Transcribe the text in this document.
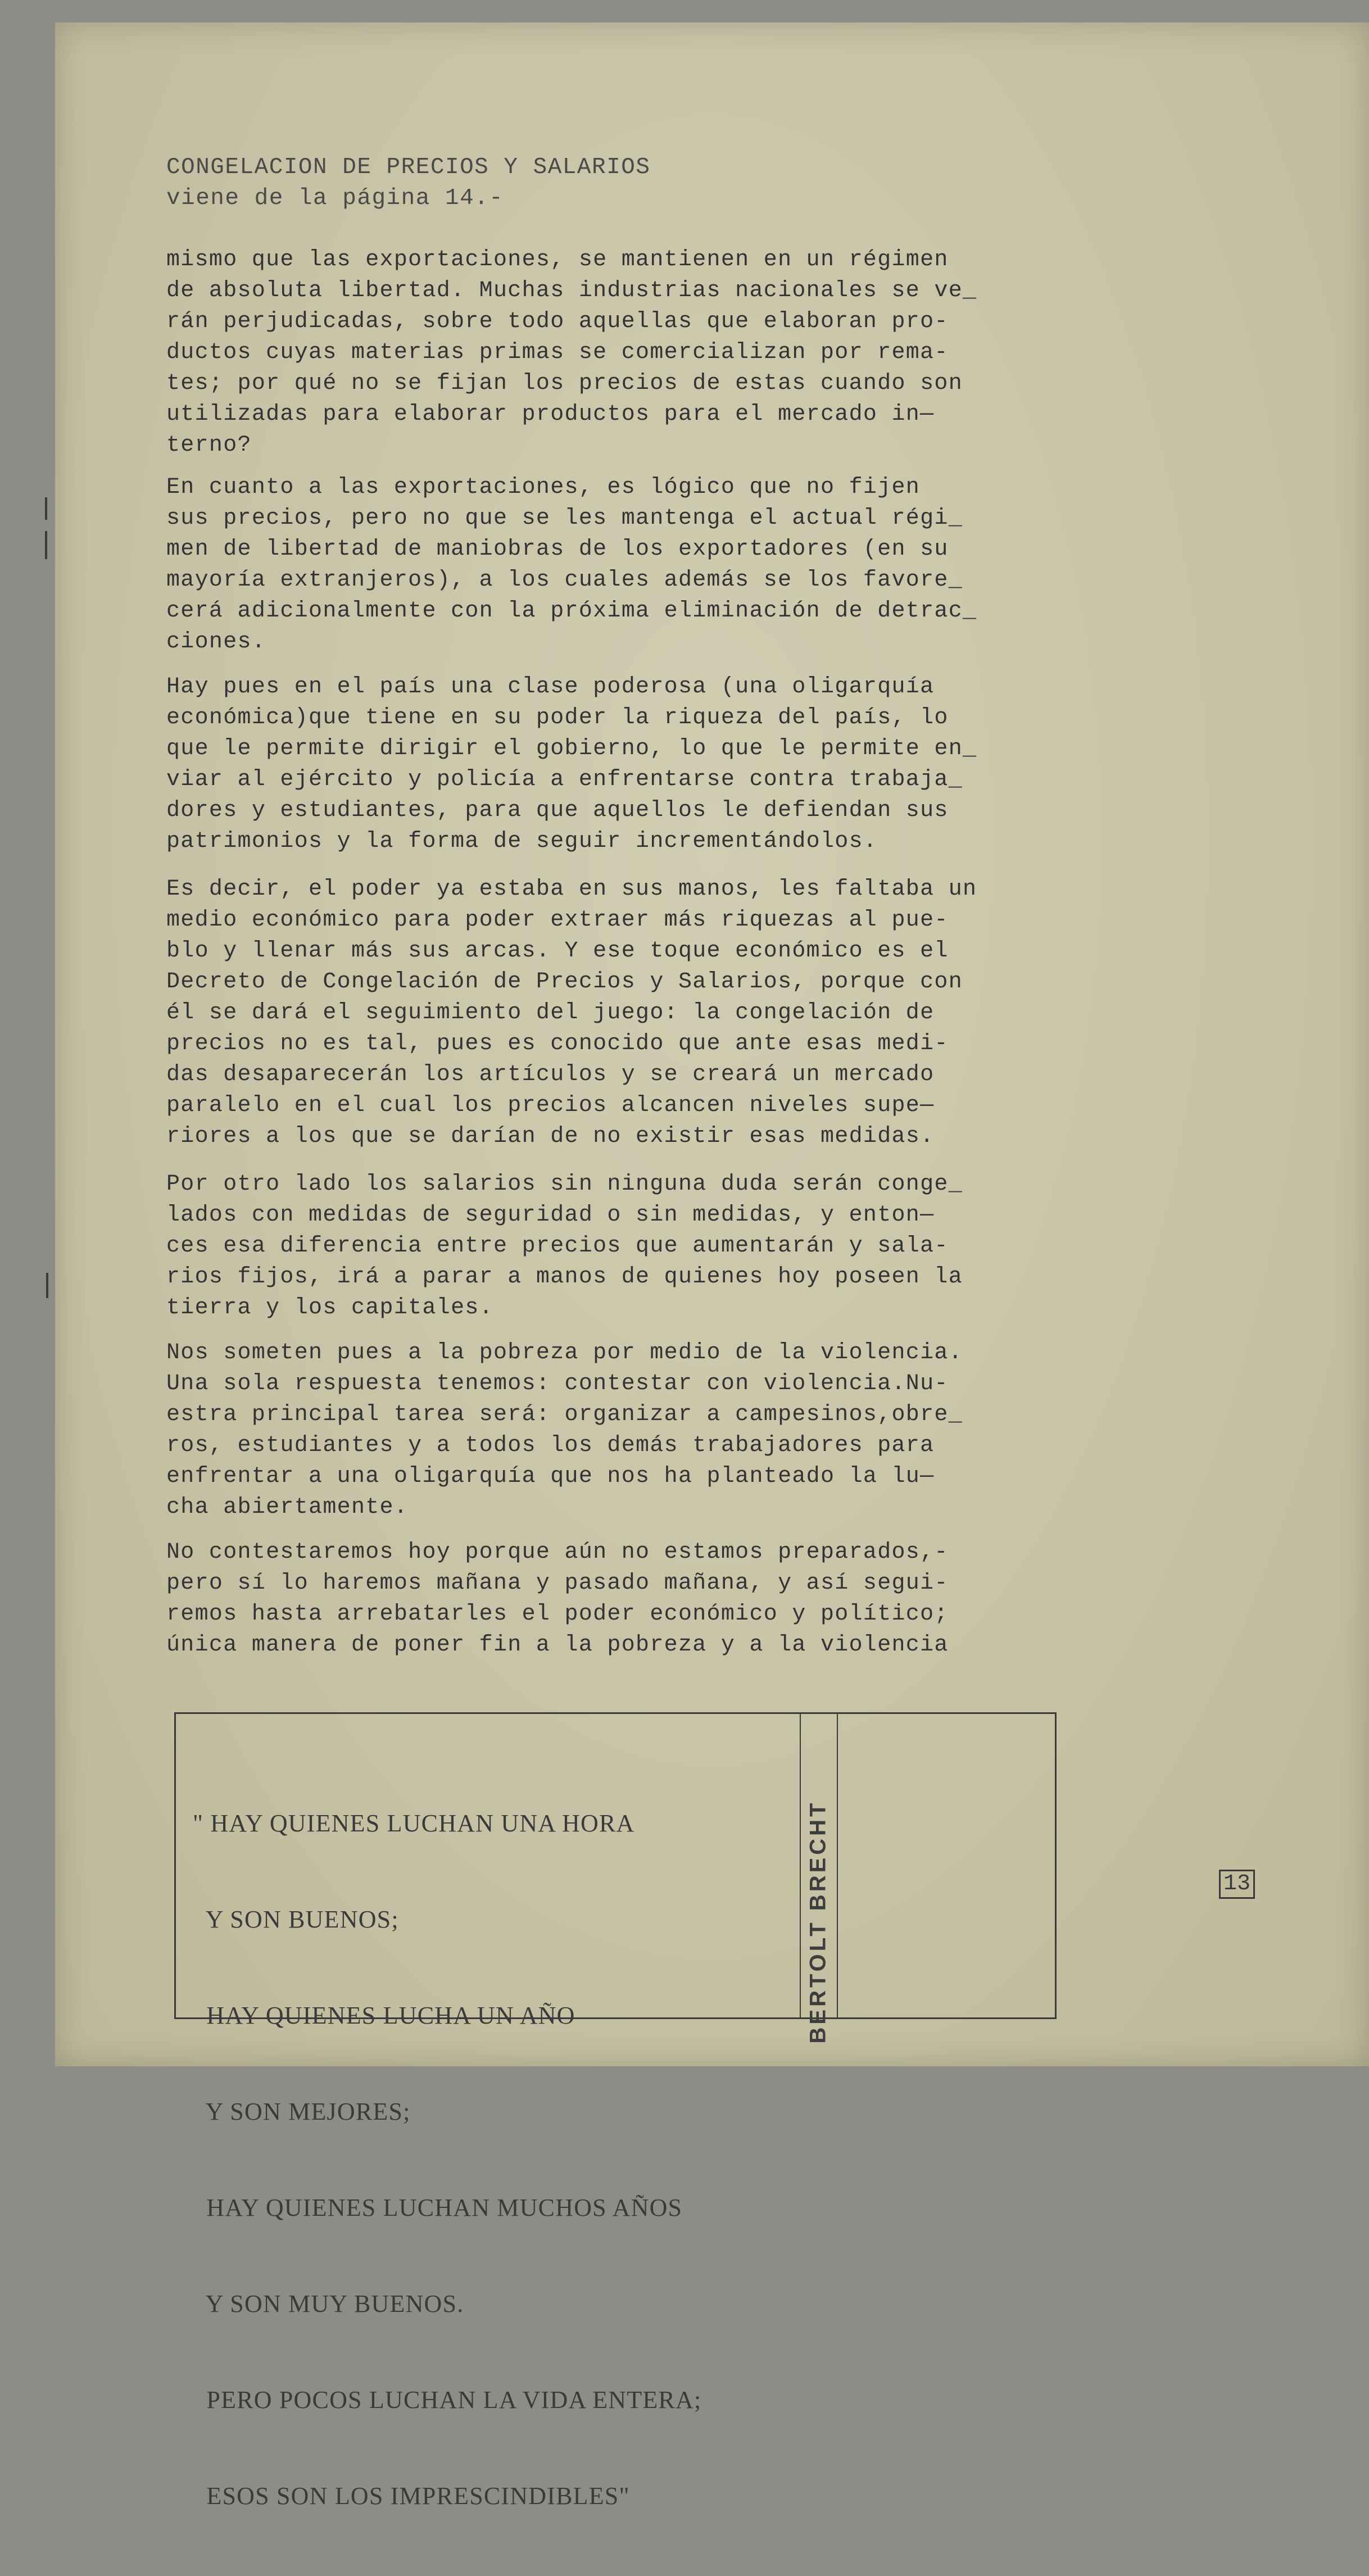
CONGELACION DE PRECIOS Y SALARIOS

viene de la página 14.-

mismo que las exportaciones, se mantienen en un régimen

de absoluta libertad. Muchas industrias nacionales se ve_

rán perjudicadas, sobre todo aquellas que elaboran pro-

ductos cuyas materias primas se comercializan por rema-

tes; por qué no se fijan los precios de estas cuando son

utilizadas para elaborar productos para el mercado in—

terno?

En cuanto a las exportaciones, es lógico que no fijen

sus precios, pero no que se les mantenga el actual régi_

men de libertad de maniobras de los exportadores (en su

mayoría extranjeros), a los cuales además se los favore_

cerá adicionalmente con la próxima eliminación de detrac_

ciones.

Hay pues en el país una clase poderosa (una oligarquía

económica)que tiene en su poder la riqueza del país, lo

que le permite dirigir el gobierno, lo que le permite en_

viar al ejército y policía a enfrentarse contra trabaja_

dores y estudiantes, para que aquellos le defiendan sus

patrimonios y la forma de seguir incrementándolos.

Es decir, el poder ya estaba en sus manos, les faltaba un

medio económico para poder extraer más riquezas al pue-

blo y llenar más sus arcas. Y ese toque económico es el

Decreto de Congelación de Precios y Salarios, porque con

él se dará el seguimiento del juego: la congelación de

precios no es tal, pues es conocido que ante esas medi-

das desaparecerán los artículos y se creará un mercado

paralelo en el cual los precios alcancen niveles supe—

riores a los que se darían de no existir esas medidas.

Por otro lado los salarios sin ninguna duda serán conge_

lados con medidas de seguridad o sin medidas, y enton—

ces esa diferencia entre precios que aumentarán y sala-

rios fijos, irá a parar a manos de quienes hoy poseen la

tierra y los capitales.

Nos someten pues a la pobreza por medio de la violencia.

Una sola respuesta tenemos: contestar con violencia.Nu-

estra principal tarea será: organizar a campesinos,obre_

ros, estudiantes y a todos los demás trabajadores para

enfrentar a una oligarquía que nos ha planteado la lu—

cha abiertamente.

No contestaremos hoy porque aún no estamos preparados,-

pero sí lo haremos mañana y pasado mañana, y así segui-

remos hasta arrebatarles el poder económico y político;

única manera de poner fin a la pobreza y a la violencia

" HAY QUIENES LUCHAN UNA HORA

Y SON BUENOS;

HAY QUIENES LUCHA UN AÑO

Y SON MEJORES;

HAY QUIENES LUCHAN MUCHOS AÑOS

Y SON MUY BUENOS.

PERO POCOS LUCHAN LA VIDA ENTERA;

ESOS SON LOS IMPRESCINDIBLES"

BERTOLT BRECHT	13
